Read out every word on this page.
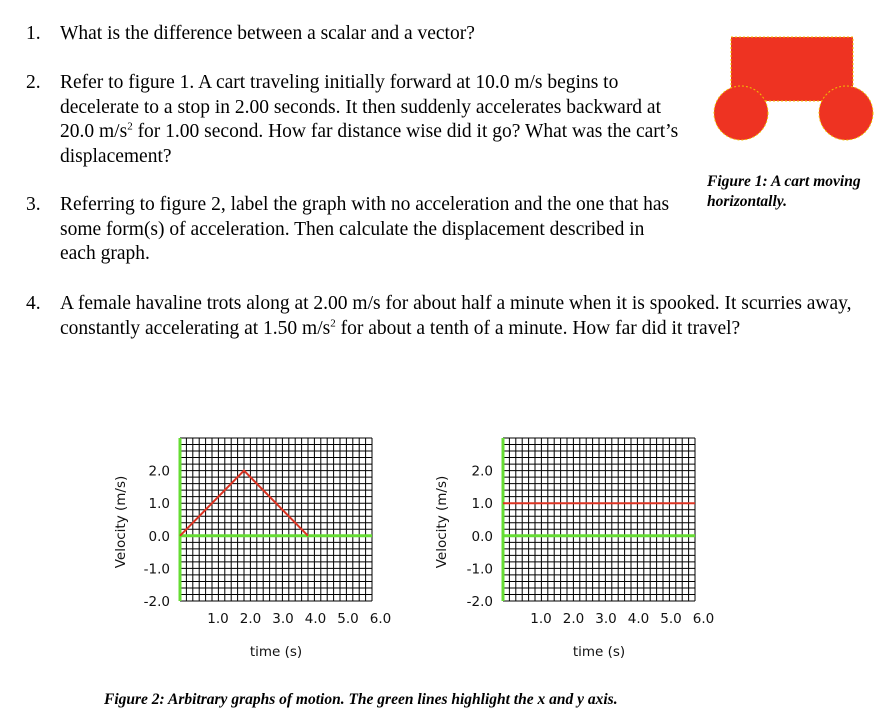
1. What is the difference between a scalar and a vector?
2. Refer to figure 1. A cart traveling initially forward at 10.0 m/s begins to decelerate to a stop in 2.00 seconds. It then suddenly accelerates backward at 20.0 $m/s^2$ for 1.00 second. How far distance wise did it go? What was the cart’s displacement?
3. Referring to figure 2, label the graph with no acceleration and the one that has some form(s) of acceleration. Then calculate the displacement described in each graph.
4. A female havaline trots along at 2.00 m/s for about half a minute when it is spooked. It scurries away, constantly accelerating at 1.50 $m/s^2$ for about a tenth of a minute. How far did it travel?
Figure 1: A cart moving horizontally.
2.0
1.0
0.0
-1.0
-2.0
1.0 2.0 3.0 4.0 5.0 6.0
time (s)
Velocity (m/s)
2.0
1.0
0.0
-1.0
-2.0
1.0 2.0 3.0 4.0 5.0 6.0
time (s)
Velocity (m/s)
Figure 2: Arbitrary graphs of motion. The green lines highlight the x and y axis.
